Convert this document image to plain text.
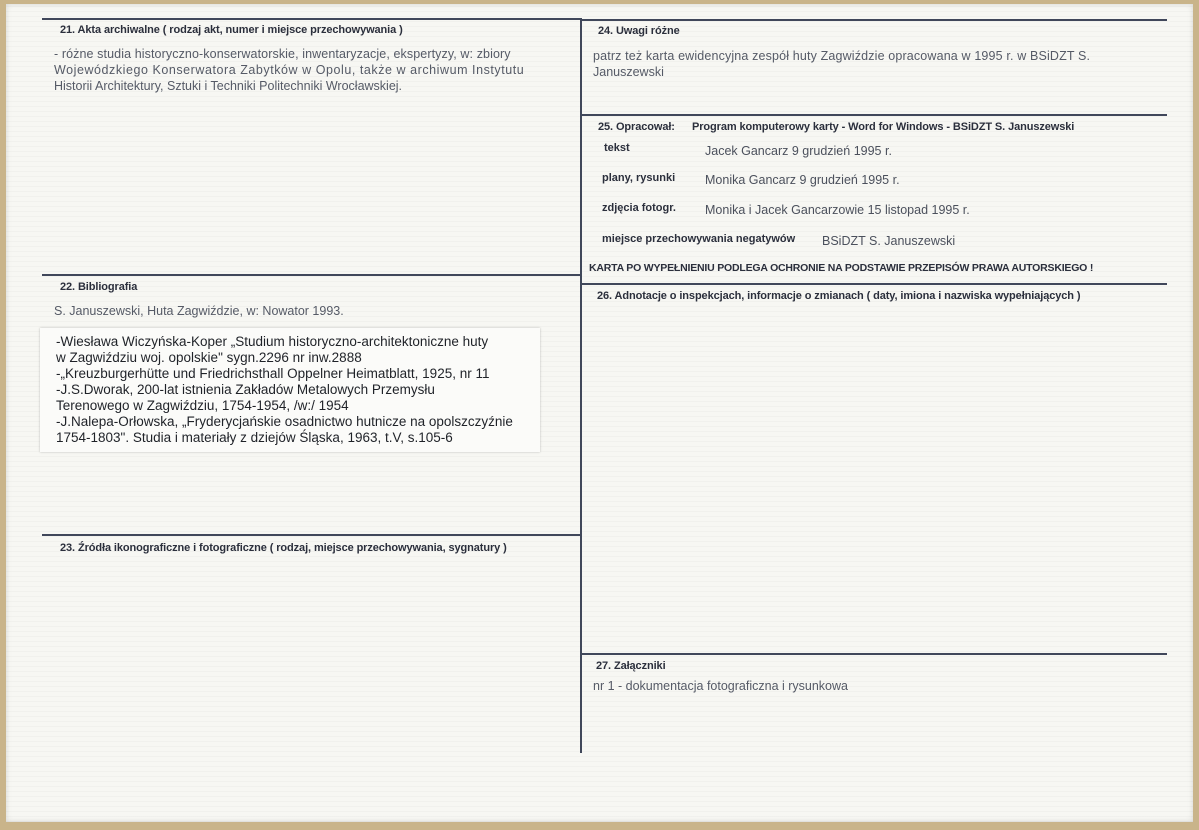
21. Akta archiwalne ( rodzaj akt, numer i miejsce przechowywania )
- różne studia historyczno-konserwatorskie, inwentaryzacje, ekspertyzy, w: zbiory
Wojewódzkiego Konserwatora Zabytków w Opolu, także w archiwum Instytutu
Historii Architektury, Sztuki i Techniki Politechniki Wrocławskiej.
22. Bibliografia
S. Januszewski, Huta Zagwiździe, w: Nowator 1993.
-Wiesława Wiczyńska-Koper „Studium historyczno-architektoniczne huty
w Zagwiździu woj. opolskie" sygn.2296 nr inw.2888
-„Kreuzburgerhütte und Friedrichsthall Oppelner Heimatblatt, 1925, nr 11
-J.S.Dworak, 200-lat istnienia Zakładów Metalowych Przemysłu
Terenowego w Zagwiździu, 1754-1954, /w:/ 1954
-J.Nalepa-Orłowska, „Fryderycjańskie osadnictwo hutnicze na opolszczyźnie
1754-1803". Studia i materiały z dziejów Śląska, 1963, t.V, s.105-6
23. Źródła ikonograficzne i fotograficzne ( rodzaj, miejsce przechowywania, sygnatury )
24. Uwagi różne
patrz też karta ewidencyjna zespół huty Zagwiździe opracowana w 1995 r. w BSiDZT S.
Januszewski
25. Opracował: Program komputerowy karty - Word for Windows - BSiDZT S. Januszewski
tekst	Jacek Gancarz 9 grudzień 1995 r.
plany, rysunki Monika Gancarz 9 grudzień 1995 r.
zdjęcia fotogr. Monika i Jacek Gancarzowie 15 listopad 1995 r.
miejsce przechowywania negatywów BSiDZT S. Januszewski
KARTA PO WYPEŁNIENIU PODLEGA OCHRONIE NA PODSTAWIE PRZEPISÓW PRAWA AUTORSKIEGO !
26. Adnotacje o inspekcjach, informacje o zmianach ( daty, imiona i nazwiska wypełniających )
27. Załączniki
nr 1 - dokumentacja fotograficzna i rysunkowa
